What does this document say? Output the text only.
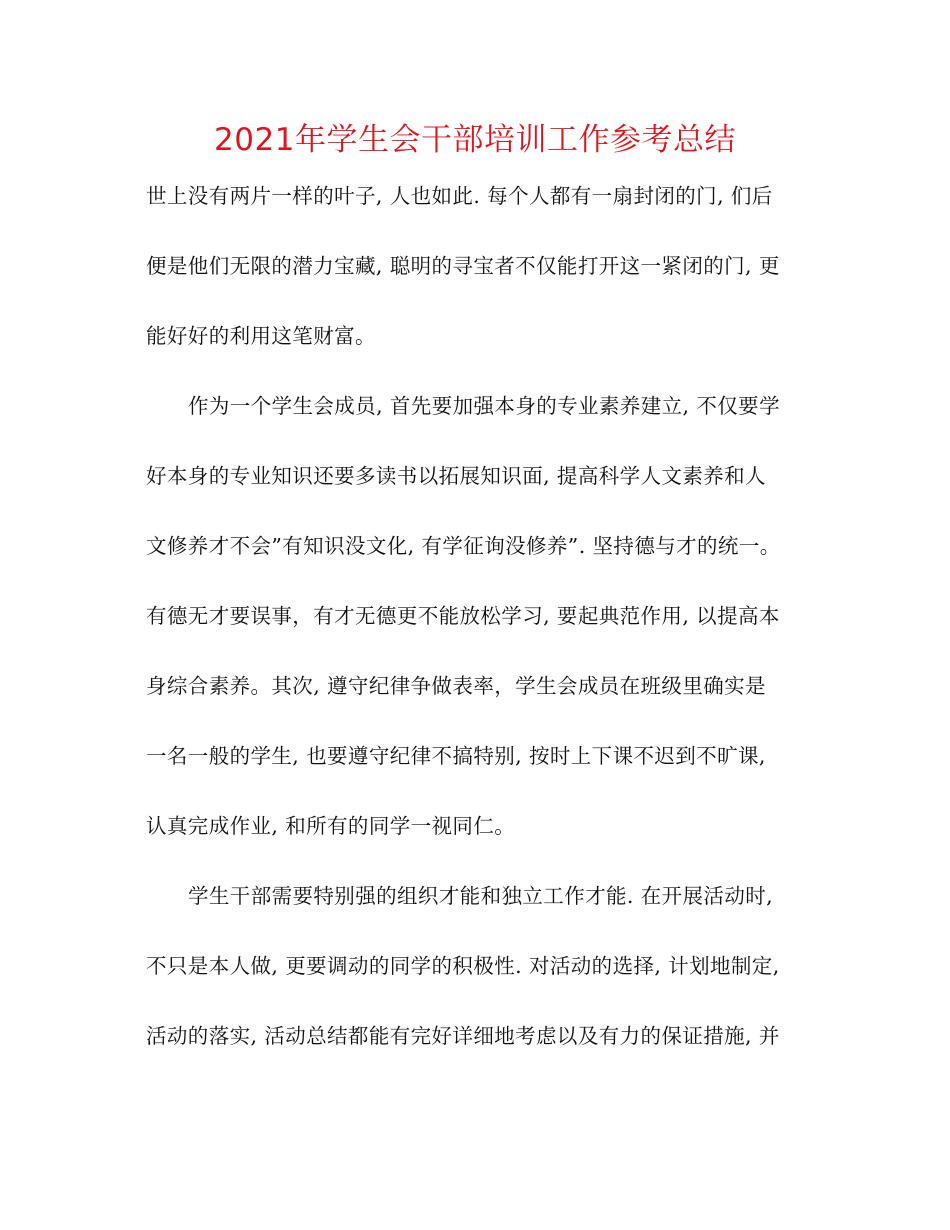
2021年学生会干部培训工作参考总结
世上没有两片一样的叶子, 人也如此. 每个人都有一扇封闭的门, 们后
便是他们无限的潜力宝藏, 聪明的寻宝者不仅能打开这一紧闭的门, 更
能好好的利用这笔财富。
作为一个学生会成员, 首先要加强本身的专业素养建立, 不仅要学
好本身的专业知识还要多读书以拓展知识面, 提高科学人文素养和人
文修养才不会”有知识没文化, 有学征询没修养”. 坚持德与才的统一。
有德无才要误事，有才无德更不能放松学习, 要起典范作用, 以提高本
身综合素养。其次, 遵守纪律争做表率，学生会成员在班级里确实是
一名一般的学生, 也要遵守纪律不搞特别, 按时上下课不迟到不旷课,
认真完成作业, 和所有的同学一视同仁。
学生干部需要特别强的组织才能和独立工作才能. 在开展活动时,
不只是本人做, 更要调动的同学的积极性. 对活动的选择, 计划地制定,
活动的落实, 活动总结都能有完好详细地考虑以及有力的保证措施, 并
